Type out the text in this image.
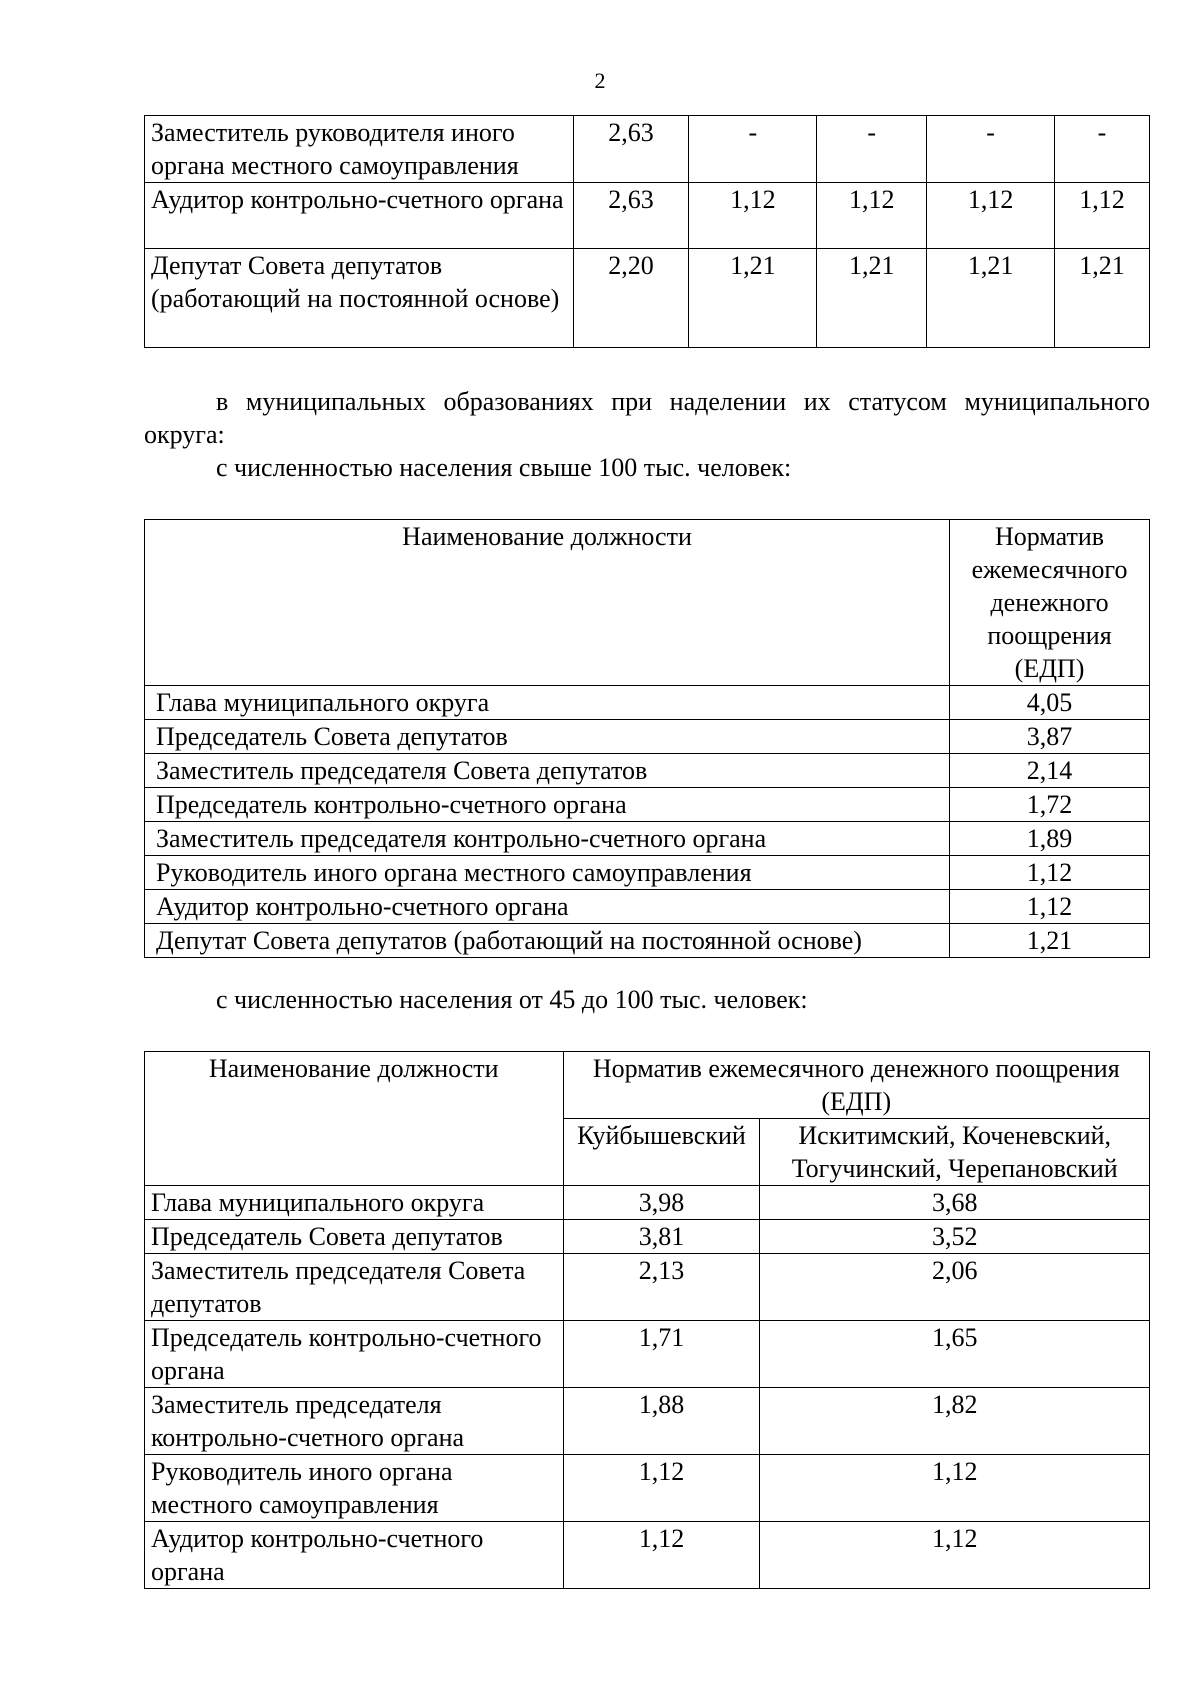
2
Заместитель руководителя иного органа местного самоуправления	2,63	-	-	-	-
Аудитор контрольно-счетного органа	2,63	1,12	1,12	1,12	1,12
Депутат Совета депутатов (работающий на постоянной основе)	2,20	1,21	1,21	1,21	1,21
в муниципальных образованиях при наделении их статусом муниципального округа:
с численностью населения свыше 100 тыс. человек:
Наименование должности	Норматив ежемесячного денежного поощрения (ЕДП)
Глава муниципального округа	4,05
Председатель Совета депутатов	3,87
Заместитель председателя Совета депутатов	2,14
Председатель контрольно-счетного органа	1,72
Заместитель председателя контрольно-счетного органа	1,89
Руководитель иного органа местного самоуправления	1,12
Аудитор контрольно-счетного органа	1,12
Депутат Совета депутатов (работающий на постоянной основе)	1,21
с численностью населения от 45 до 100 тыс. человек:
Наименование должности	Норматив ежемесячного денежного поощрения (ЕДП)	
	Куйбышевский	Искитимский, Коченевский, Тогучинский, Черепановский
Глава муниципального округа	3,98	3,68
Председатель Совета депутатов	3,81	3,52
Заместитель председателя Совета депутатов	2,13	2,06
Председатель контрольно-счетного органа	1,71	1,65
Заместитель председателя контрольно-счетного органа	1,88	1,82
Руководитель иного органа местного самоуправления	1,12	1,12
Аудитор контрольно-счетного органа	1,12	1,12
